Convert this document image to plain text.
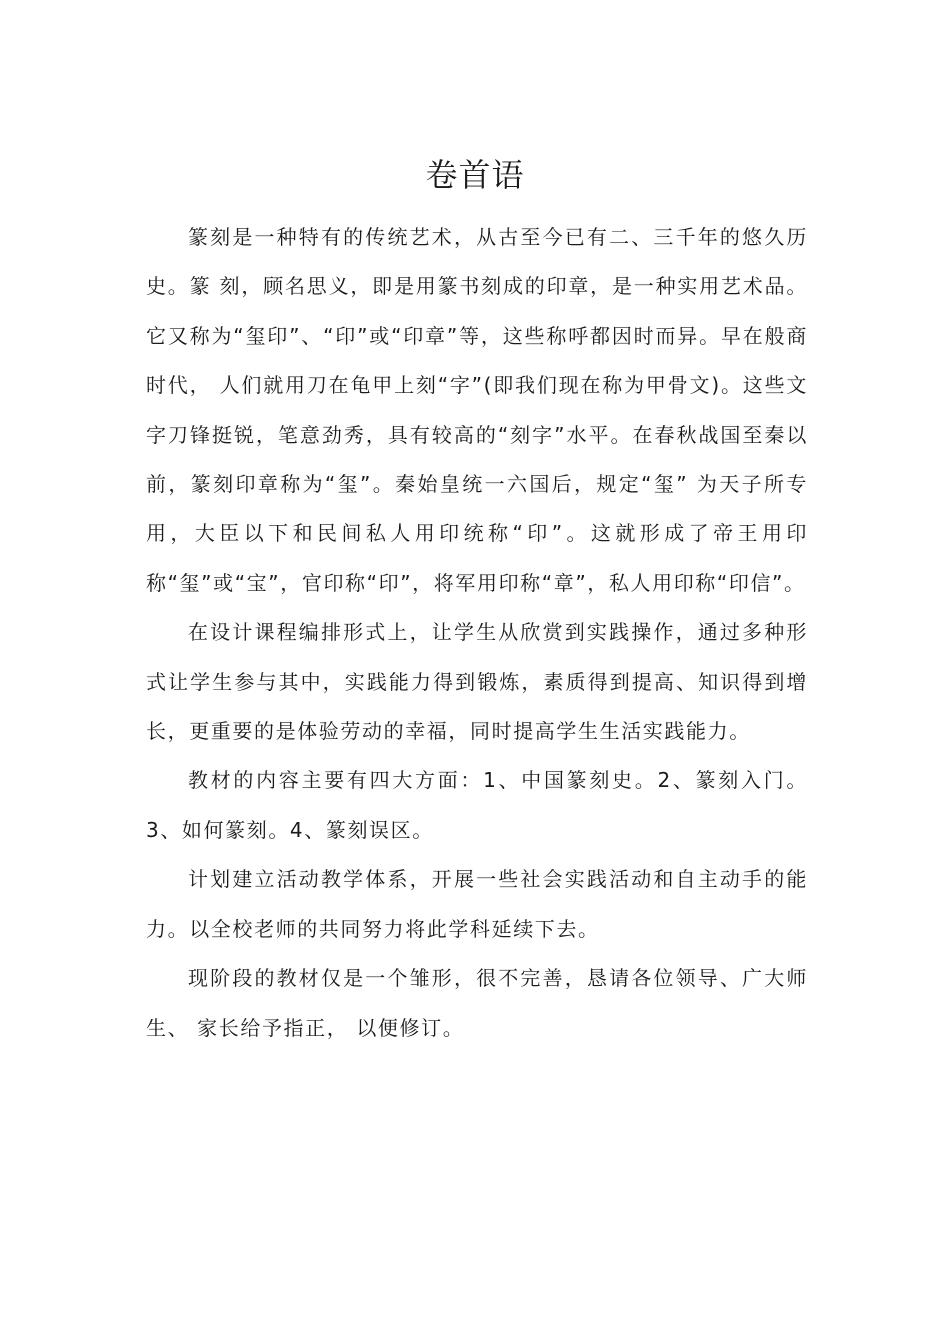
卷首语

篆刻是一种特有的传统艺术，从古至今已有二、三千年的悠久历史。篆 刻，顾名思义，即是用篆书刻成的印章，是一种实用艺术品。它又称为“玺印”、“印”或“印章”等，这些称呼都因时而异。早在般商时代， 人们就用刀在龟甲上刻“字”(即我们现在称为甲骨文)。这些文字刀锋挺锐，笔意劲秀，具有较高的“刻字”水平。在春秋战国至秦以前，篆刻印章称为“玺”。秦始皇统一六国后，规定“玺” 为天子所专用，大臣以下和民间私人用印统称“印”。这就形成了帝王用印称“玺”或“宝”，官印称“印”，将军用印称“章”，私人用印称“印信”。

在设计课程编排形式上，让学生从欣赏到实践操作，通过多种形式让学生参与其中，实践能力得到锻炼，素质得到提高、知识得到增长，更重要的是体验劳动的幸福，同时提高学生生活实践能力。

教材的内容主要有四大方面：1、中国篆刻史。2、篆刻入门。 3、如何篆刻。4、篆刻误区。

计划建立活动教学体系，开展一些社会实践活动和自主动手的能力。以全校老师的共同努力将此学科延续下去。

现阶段的教材仅是一个雏形，很不完善，恳请各位领导、广大师生、 家长给予指正， 以便修订。
